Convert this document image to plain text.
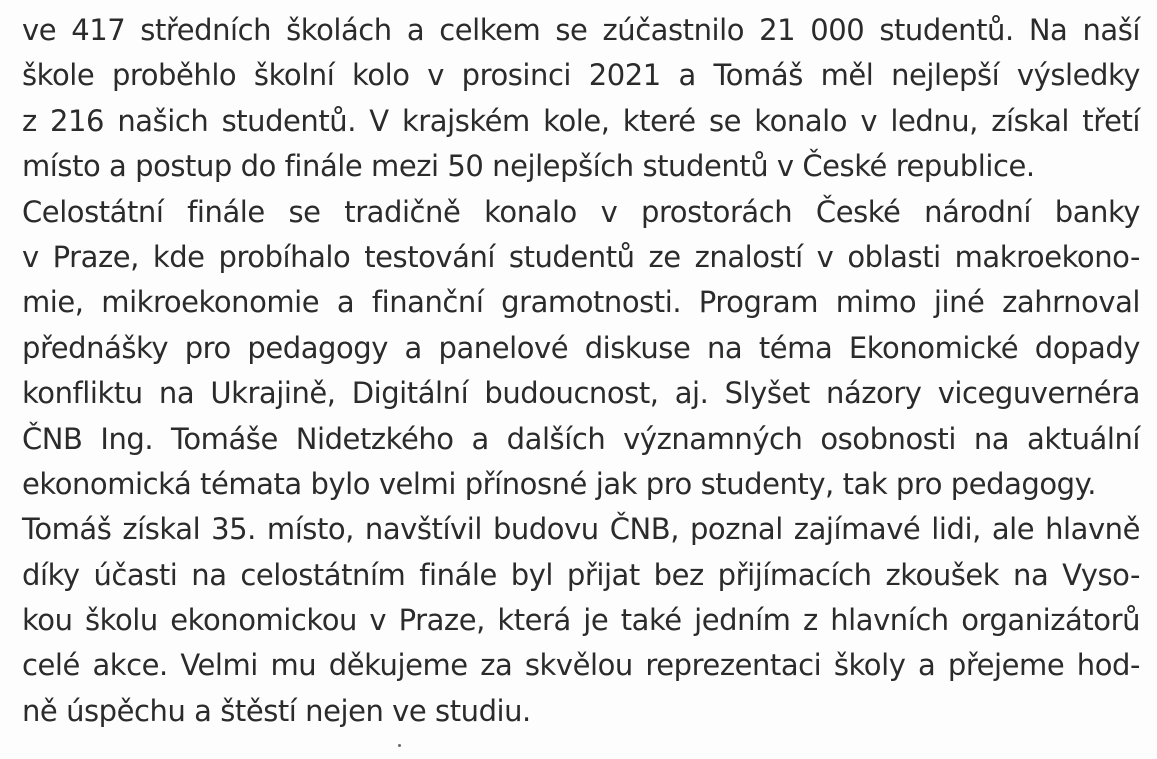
ve 417 středních školách a celkem se zúčastnilo 21 000 studentů. Na naší
škole proběhlo školní kolo v prosinci 2021 a Tomáš měl nejlepší výsledky
z 216 našich studentů. V krajském kole, které se konalo v lednu, získal třetí
místo a postup do finále mezi 50 nejlepších studentů v České republice.
Celostátní finále se tradičně konalo v prostorách České národní banky
v Praze, kde probíhalo testování studentů ze znalostí v oblasti makroekono-
mie, mikroekonomie a finanční gramotnosti. Program mimo jiné zahrnoval
přednášky pro pedagogy a panelové diskuse na téma Ekonomické dopady
konfliktu na Ukrajině, Digitální budoucnost, aj. Slyšet názory viceguvernéra
ČNB Ing. Tomáše Nidetzkého a dalších významných osobnosti na aktuální
ekonomická témata bylo velmi přínosné jak pro studenty, tak pro pedagogy.
Tomáš získal 35. místo, navštívil budovu ČNB, poznal zajímavé lidi, ale hlavně
díky účasti na celostátním finále byl přijat bez přijímacích zkoušek na Vyso-
kou školu ekonomickou v Praze, která je také jedním z hlavních organizátorů
celé akce. Velmi mu děkujeme za skvělou reprezentaci školy a přejeme hod-
ně úspěchu a štěstí nejen ve studiu.
